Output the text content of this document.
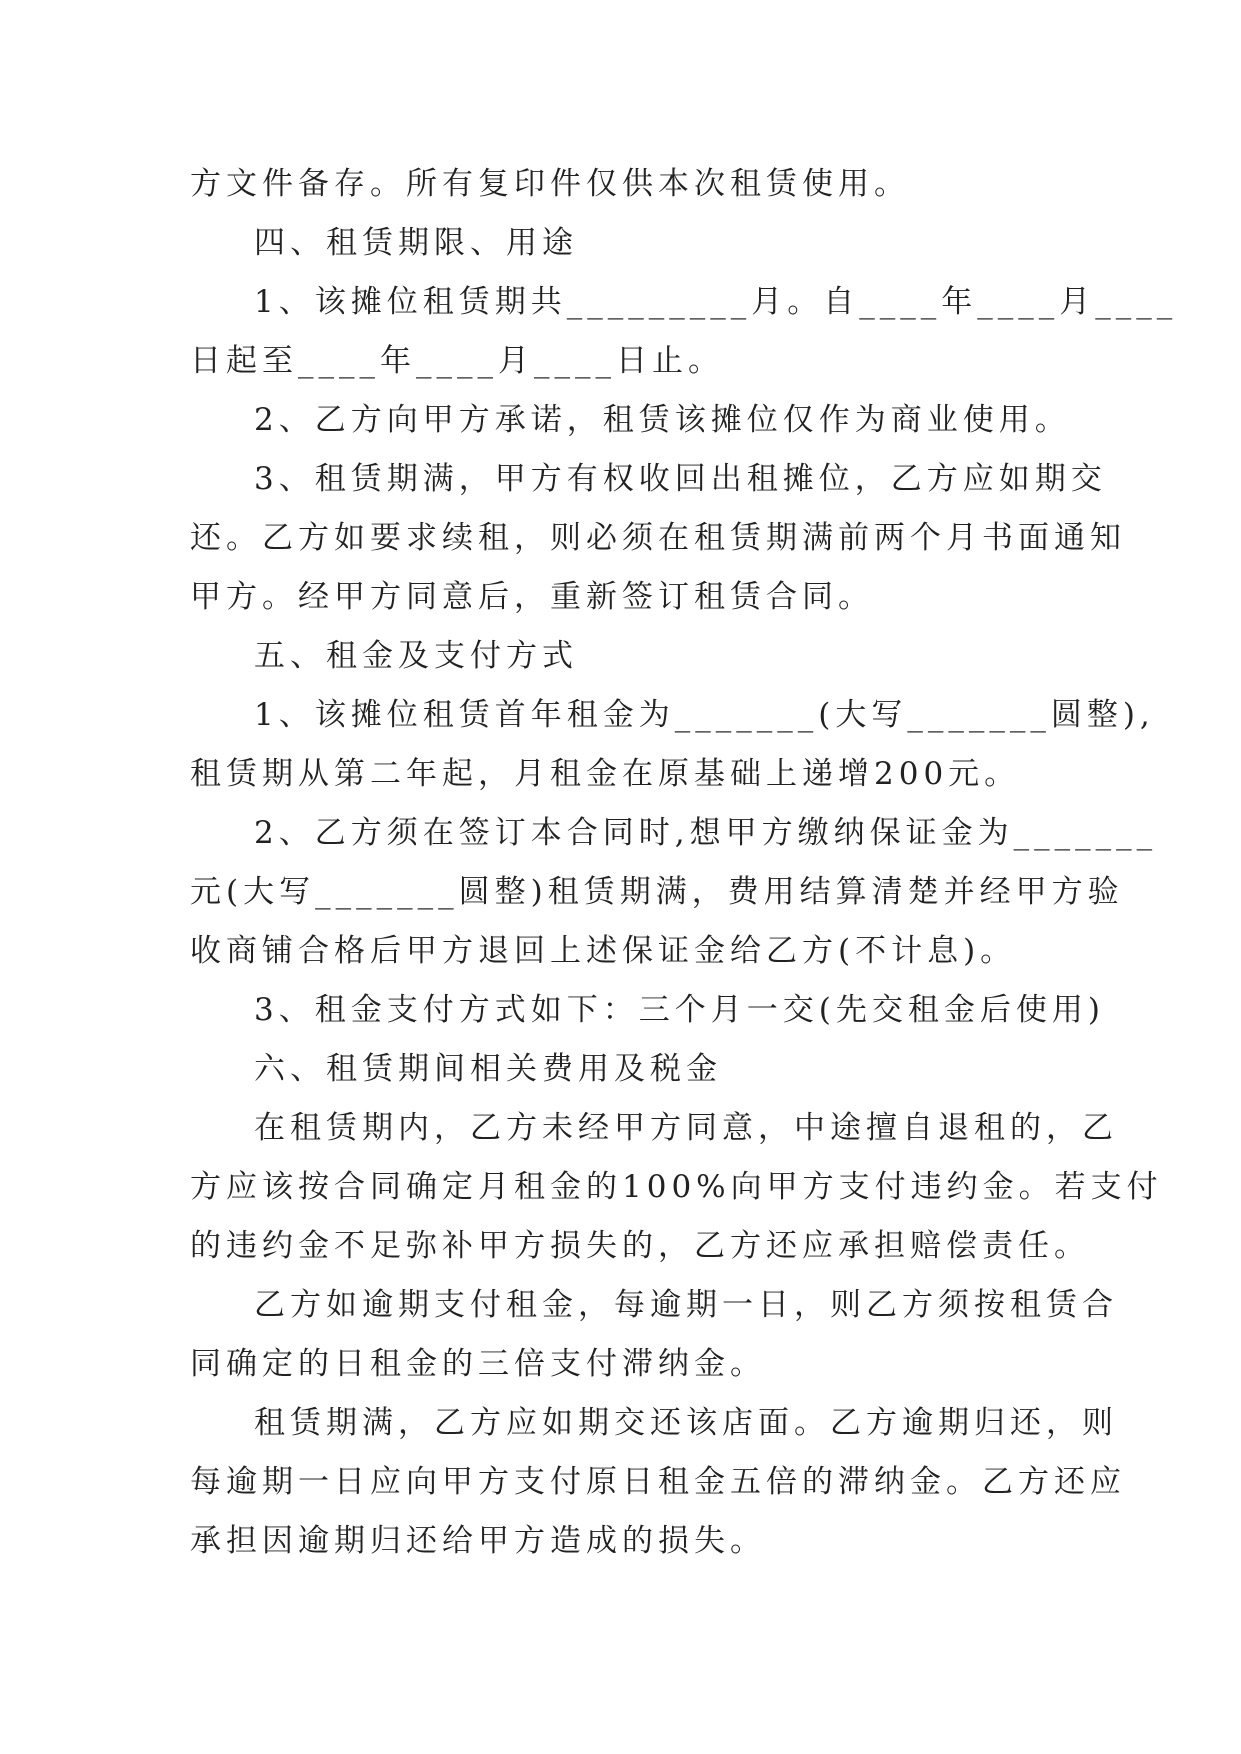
方文件备存。所有复印件仅供本次租赁使用。
四、租赁期限、用途
1、该摊位租赁期共_________月。自____年____月____
日起至____年____月____日止。
2、乙方向甲方承诺，租赁该摊位仅作为商业使用。
3、租赁期满，甲方有权收回出租摊位，乙方应如期交
还。乙方如要求续租，则必须在租赁期满前两个月书面通知
甲方。经甲方同意后，重新签订租赁合同。
五、租金及支付方式
1、该摊位租赁首年租金为_______(大写_______圆整),
租赁期从第二年起，月租金在原基础上递增200元。
2、乙方须在签订本合同时,想甲方缴纳保证金为_______
元(大写_______圆整)租赁期满，费用结算清楚并经甲方验
收商铺合格后甲方退回上述保证金给乙方(不计息)。
3、租金支付方式如下：三个月一交(先交租金后使用)
六、租赁期间相关费用及税金
在租赁期内，乙方未经甲方同意，中途擅自退租的，乙
方应该按合同确定月租金的100%向甲方支付违约金。若支付
的违约金不足弥补甲方损失的，乙方还应承担赔偿责任。
乙方如逾期支付租金，每逾期一日，则乙方须按租赁合
同确定的日租金的三倍支付滞纳金。
租赁期满，乙方应如期交还该店面。乙方逾期归还，则
每逾期一日应向甲方支付原日租金五倍的滞纳金。乙方还应
承担因逾期归还给甲方造成的损失。
